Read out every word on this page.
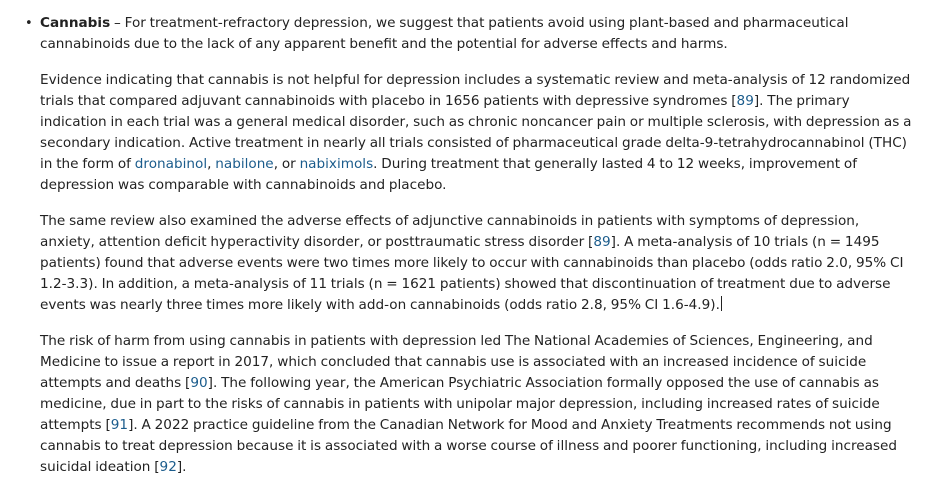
• Cannabis – For treatment-refractory depression, we suggest that patients avoid using plant-based and pharmaceutical cannabinoids due to the lack of any apparent benefit and the potential for adverse effects and harms.

Evidence indicating that cannabis is not helpful for depression includes a systematic review and meta-analysis of 12 randomized trials that compared adjuvant cannabinoids with placebo in 1656 patients with depressive syndromes [89]. The primary indication in each trial was a general medical disorder, such as chronic noncancer pain or multiple sclerosis, with depression as a secondary indication. Active treatment in nearly all trials consisted of pharmaceutical grade delta-9-tetrahydrocannabinol (THC) in the form of dronabinol, nabilone, or nabiximols. During treatment that generally lasted 4 to 12 weeks, improvement of depression was comparable with cannabinoids and placebo.

The same review also examined the adverse effects of adjunctive cannabinoids in patients with symptoms of depression, anxiety, attention deficit hyperactivity disorder, or posttraumatic stress disorder [89]. A meta-analysis of 10 trials (n = 1495 patients) found that adverse events were two times more likely to occur with cannabinoids than placebo (odds ratio 2.0, 95% CI 1.2-3.3). In addition, a meta-analysis of 11 trials (n = 1621 patients) showed that discontinuation of treatment due to adverse events was nearly three times more likely with add-on cannabinoids (odds ratio 2.8, 95% CI 1.6-4.9).

The risk of harm from using cannabis in patients with depression led The National Academies of Sciences, Engineering, and Medicine to issue a report in 2017, which concluded that cannabis use is associated with an increased incidence of suicide attempts and deaths [90]. The following year, the American Psychiatric Association formally opposed the use of cannabis as medicine, due in part to the risks of cannabis in patients with unipolar major depression, including increased rates of suicide attempts [91]. A 2022 practice guideline from the Canadian Network for Mood and Anxiety Treatments recommends not using cannabis to treat depression because it is associated with a worse course of illness and poorer functioning, including increased suicidal ideation [92].
